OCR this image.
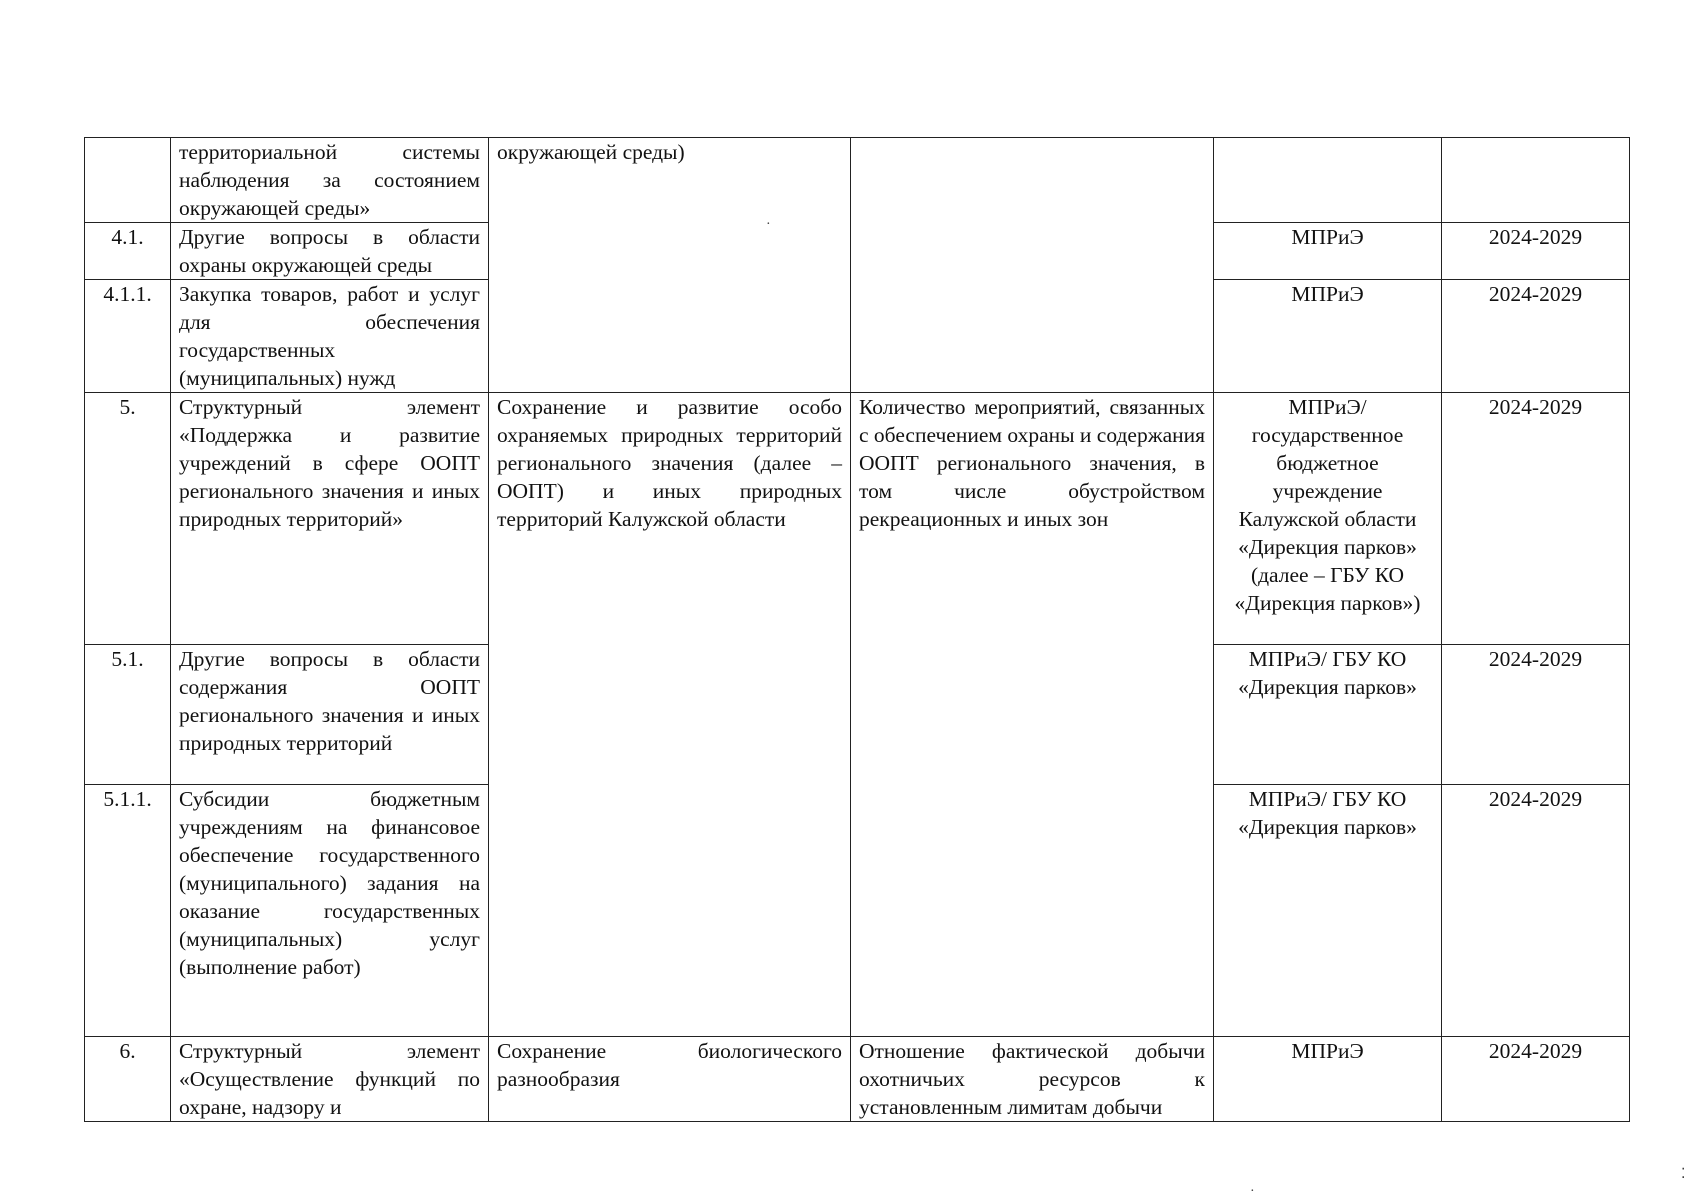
	территориальной системы наблюдения за состоянием окружающей среды»	окружающей среды)			
4.1.	Другие вопросы в области охраны окружающей среды			МПРиЭ	2024-2029
4.1.1.	Закупка товаров, работ и услуг для обеспечения государственных (муниципальных) нужд			МПРиЭ	2024-2029
5.	Структурный элемент «Поддержка и развитие учреждений в сфере ООПТ регионального значения и иных природных территорий»	Сохранение и развитие особо охраняемых природных территорий регионального значения (далее – ООПТ) и иных природных территорий Калужской области	Количество мероприятий, связанных с обеспечением охраны и содержания ООПТ регионального значения, в том числе обустройством рекреационных и иных зон	МПРиЭ/ государственное бюджетное учреждение Калужской области «Дирекция парков» (далее – ГБУ КО «Дирекция парков»)	2024-2029
5.1.	Другие вопросы в области содержания ООПТ регионального значения и иных природных территорий			МПРиЭ/ ГБУ КО «Дирекция парков»	2024-2029
5.1.1.	Субсидии бюджетным учреждениям на финансовое обеспечение государственного (муниципального) задания на оказание государственных (муниципальных) услуг (выполнение работ)			МПРиЭ/ ГБУ КО «Дирекция парков»	2024-2029
6.	Структурный элемент «Осуществление функций по охране, надзору и	Сохранение биологического разнообразия	Отношение фактической добычи охотничьих ресурсов к установленным лимитам добычи	МПРиЭ	2024-2029
·
⁚
·
